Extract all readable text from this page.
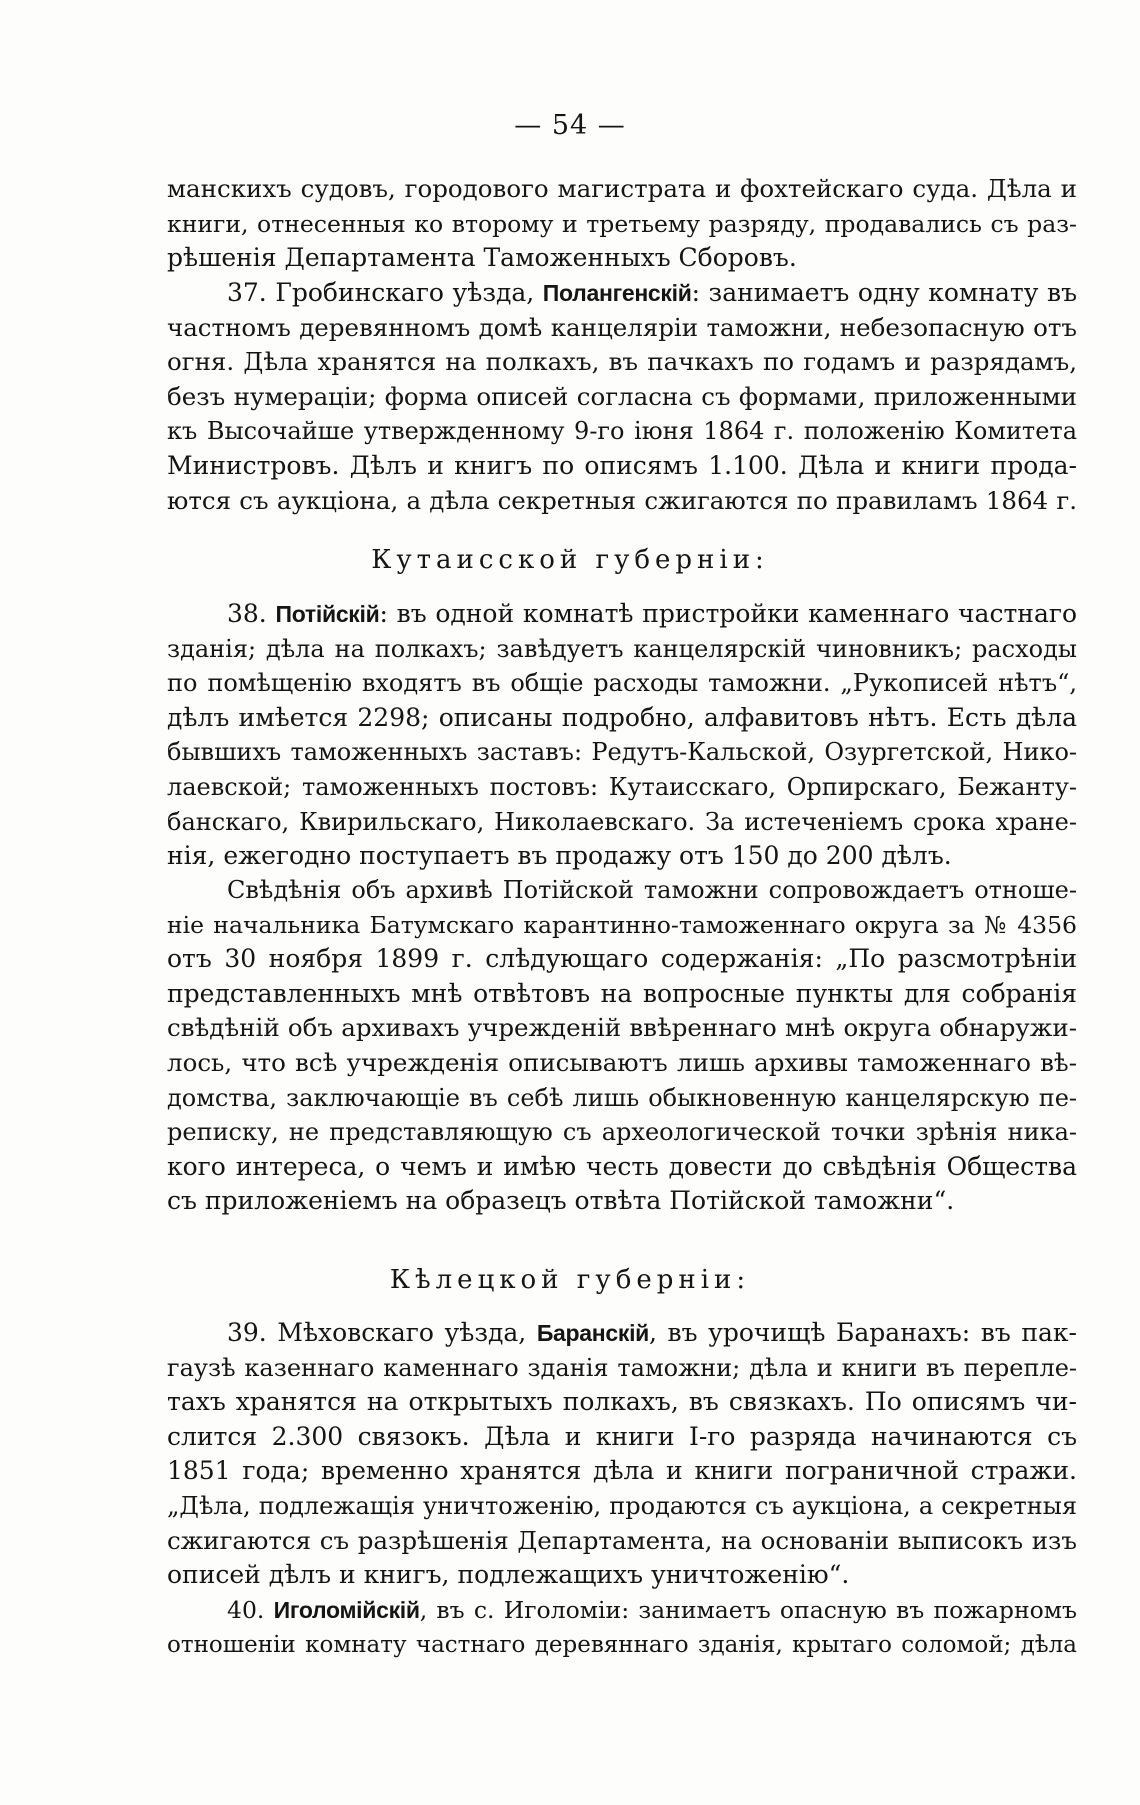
— 54 —
манскихъ судовъ, городового магистрата и фохтейскаго суда. Дѣла и
книги, отнесенныя ко второму и третьему разряду, продавались съ раз-
рѣшенія Департамента Таможенныхъ Сборовъ.
37. Гробинскаго уѣзда, Полангенскій: занимаетъ одну комнату въ
частномъ деревянномъ домѣ канцеляріи таможни, небезопасную отъ
огня. Дѣла хранятся на полкахъ, въ пачкахъ по годамъ и разрядамъ,
безъ нумераціи; форма описей согласна съ формами, приложенными
къ Высочайше утвержденному 9-го іюня 1864 г. положенію Комитета
Министровъ. Дѣлъ и книгъ по описямъ 1.100. Дѣла и книги прода-
ются съ аукціона, а дѣла секретныя сжигаются по правиламъ 1864 г.
Кутаисской губерніи:
38. Потійскій: въ одной комнатѣ пристройки каменнаго частнаго
зданія; дѣла на полкахъ; завѣдуетъ канцелярскій чиновникъ; расходы
по помѣщенію входятъ въ общіе расходы таможни. „Рукописей нѣтъ“,
дѣлъ имѣется 2298; описаны подробно, алфавитовъ нѣтъ. Есть дѣла
бывшихъ таможенныхъ заставъ: Редутъ-Кальской, Озургетской, Нико-
лаевской; таможенныхъ постовъ: Кутаисскаго, Орпирскаго, Бежанту-
банскаго, Квирильскаго, Николаевскаго. За истеченіемъ срока хране-
нія, ежегодно поступаетъ въ продажу отъ 150 до 200 дѣлъ.
Свѣдѣнія объ архивѣ Потійской таможни сопровождаетъ отноше-
ніе начальника Батумскаго карантинно-таможеннаго округа за № 4356
отъ 30 ноября 1899 г. слѣдующаго содержанія: „По разсмотрѣніи
представленныхъ мнѣ отвѣтовъ на вопросные пункты для собранія
свѣдѣній объ архивахъ учрежденій ввѣреннаго мнѣ округа обнаружи-
лось, что всѣ учрежденія описываютъ лишь архивы таможеннаго вѣ-
домства, заключающіе въ себѣ лишь обыкновенную канцелярскую пе-
реписку, не представляющую съ археологической точки зрѣнія никa-
кого интереса, о чемъ и имѣю честь довести до свѣдѣнія Общества
съ приложеніемъ на образецъ отвѣта Потійской таможни“.
Кѣлецкой губерніи:
39. Мѣховскаго уѣзда, Баранскій, въ урочищѣ Баранахъ: въ пак-
гаузѣ казеннаго каменнаго зданія таможни; дѣла и книги въ перепле-
тахъ хранятся на открытыхъ полкахъ, въ связкахъ. По описямъ чи-
слится 2.300 связокъ. Дѣла и книги I-го разряда начинаются съ
1851 года; временно хранятся дѣла и книги пограничной стражи.
„Дѣла, подлежащія уничтоженію, продаются съ аукціона, а секретныя
сжигаются съ разрѣшенія Департамента, на основаніи выписокъ изъ
описей дѣлъ и книгъ, подлежащихъ уничтоженію“.
40. Иголомійскій, въ с. Иголоміи: занимаетъ опасную въ пожарномъ
отношеніи комнату частнаго деревяннаго зданія, крытаго соломой; дѣла
